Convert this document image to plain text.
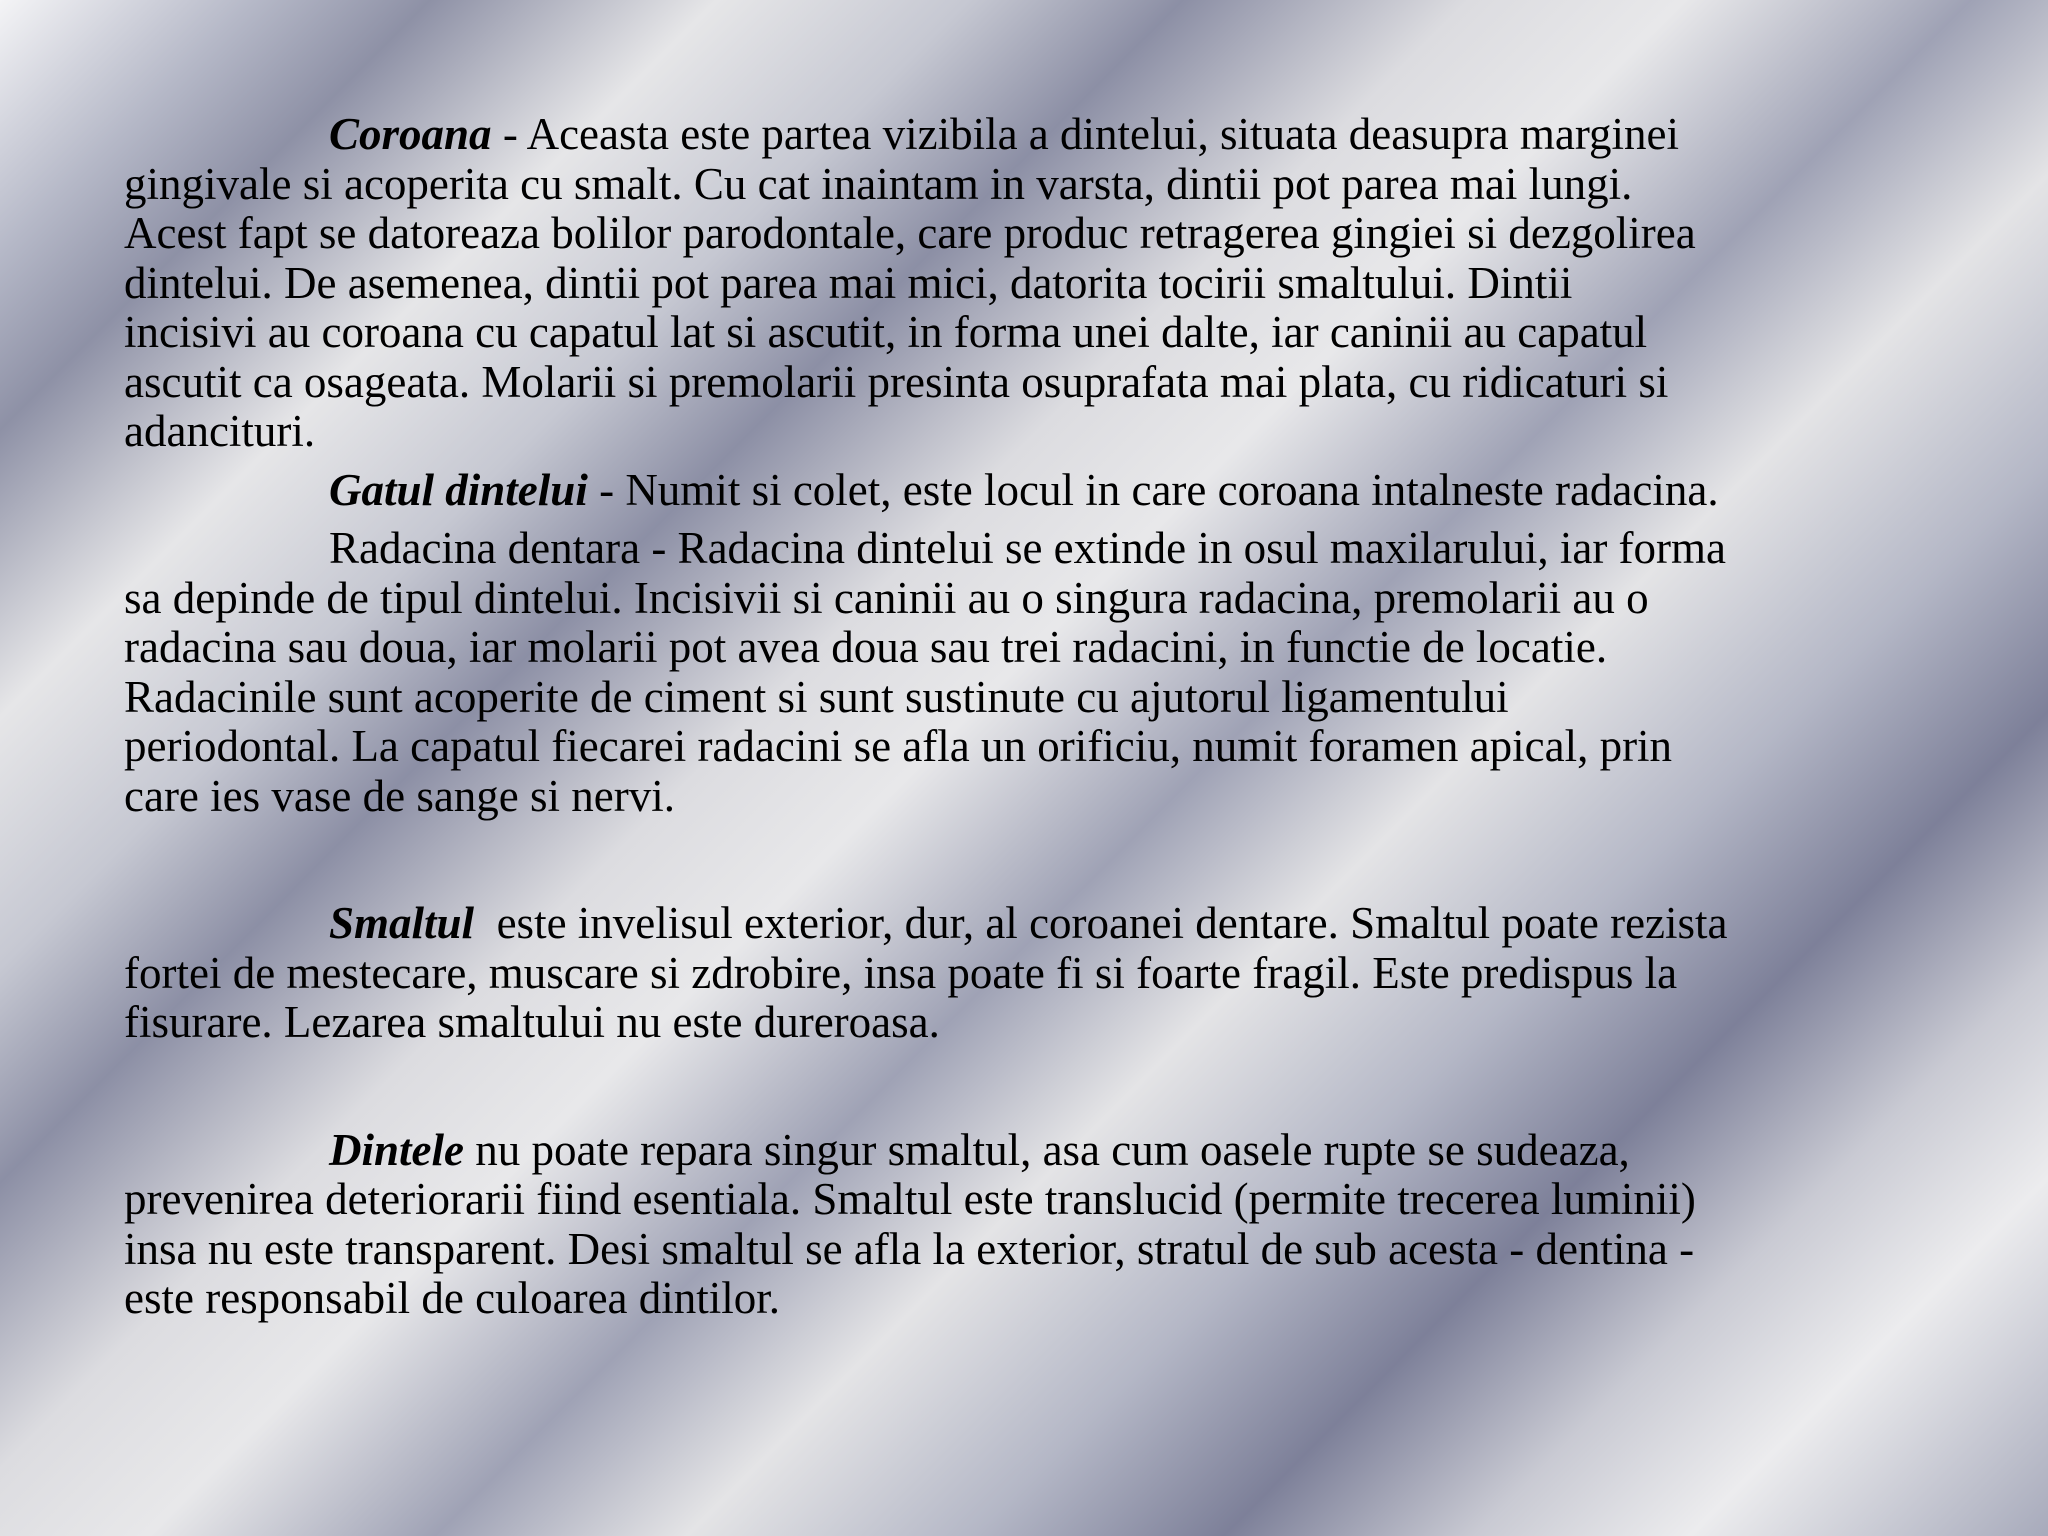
Coroana - Aceasta este partea vizibila a dintelui, situata deasupra marginei
gingivale si acoperita cu smalt. Cu cat inaintam in varsta, dintii pot parea mai lungi.
Acest fapt se datoreaza bolilor parodontale, care produc retragerea gingiei si dezgolirea
dintelui. De asemenea, dintii pot parea mai mici, datorita tocirii smaltului. Dintii
incisivi au coroana cu capatul lat si ascutit, in forma unei dalte, iar caninii au capatul
ascutit ca osageata. Molarii si premolarii presinta osuprafata mai plata, cu ridicaturi si
adancituri.

Gatul dintelui - Numit si colet, este locul in care coroana intalneste radacina.

Radacina dentara - Radacina dintelui se extinde in osul maxilarului, iar forma
sa depinde de tipul dintelui. Incisivii si caninii au o singura radacina, premolarii au o
radacina sau doua, iar molarii pot avea doua sau trei radacini, in functie de locatie.
Radacinile sunt acoperite de ciment si sunt sustinute cu ajutorul ligamentului
periodontal. La capatul fiecarei radacini se afla un orificiu, numit foramen apical, prin
care ies vase de sange si nervi.

Smaltul  este invelisul exterior, dur, al coroanei dentare. Smaltul poate rezista
fortei de mestecare, muscare si zdrobire, insa poate fi si foarte fragil. Este predispus la
fisurare. Lezarea smaltului nu este dureroasa.

Dintele nu poate repara singur smaltul, asa cum oasele rupte se sudeaza,
prevenirea deteriorarii fiind esentiala. Smaltul este translucid (permite trecerea luminii)
insa nu este transparent. Desi smaltul se afla la exterior, stratul de sub acesta - dentina -
este responsabil de culoarea dintilor.
